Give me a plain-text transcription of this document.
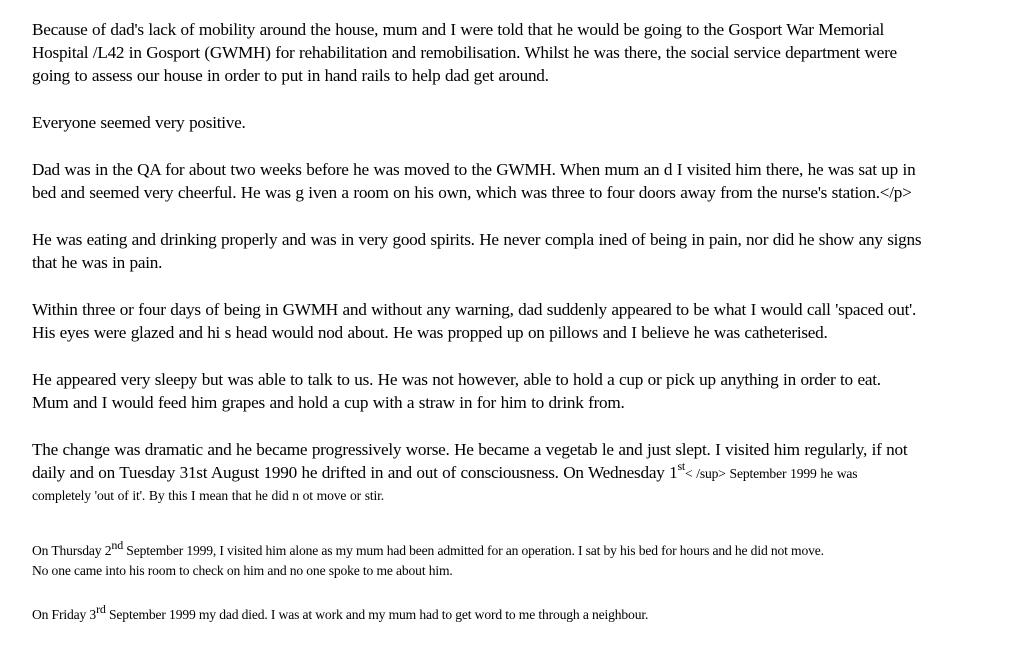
Because of dad's lack of mobility around the house, mum and I were told that he would be going to the Gosport War Memorial
Hospital /L42 in Gosport (GWMH) for rehabilitation and remobilisation. Whilst he was there, the social service department were
going to assess our house in order to put in hand rails to help dad get around.

Everyone seemed very positive.

Dad was in the QA for about two weeks before he was moved to the GWMH. When mum an d I visited him there, he was sat up in
bed and seemed very cheerful. He was g iven a room on his own, which was three to four doors away from the nurse's station.</p>

He was eating and drinking properly and was in very good spirits. He never compla ined of being in pain, nor did he show any signs
that he was in pain.

Within three or four days of being in GWMH and without any warning, dad suddenly appeared to be what I would call 'spaced out'.
His eyes were glazed and hi s head would nod about. He was propped up on pillows and I believe he was catheterised.

He appeared very sleepy but was able to talk to us. He was not however, able to hold a cup or pick up anything in order to eat.
Mum and I would feed him grapes and hold a cup with a straw in for him to drink from.

The change was dramatic and he became progressively worse. He became a vegetab le and just slept. I visited him regularly, if not
daily and on Tuesday 31st August 1990 he drifted in and out of consciousness. On Wednesday 1st< /sup> September 1999 he was
completely 'out of it'. By this I mean that he did n ot move or stir.

On Thursday 2nd September 1999, I visited him alone as my mum had been admitted for an operation. I sat by his bed for hours and he did not move.
No one came into his room to check on him and no one spoke to me about him.

On Friday 3rd September 1999 my dad died. I was at work and my mum had to get word to me through a neighbour.
